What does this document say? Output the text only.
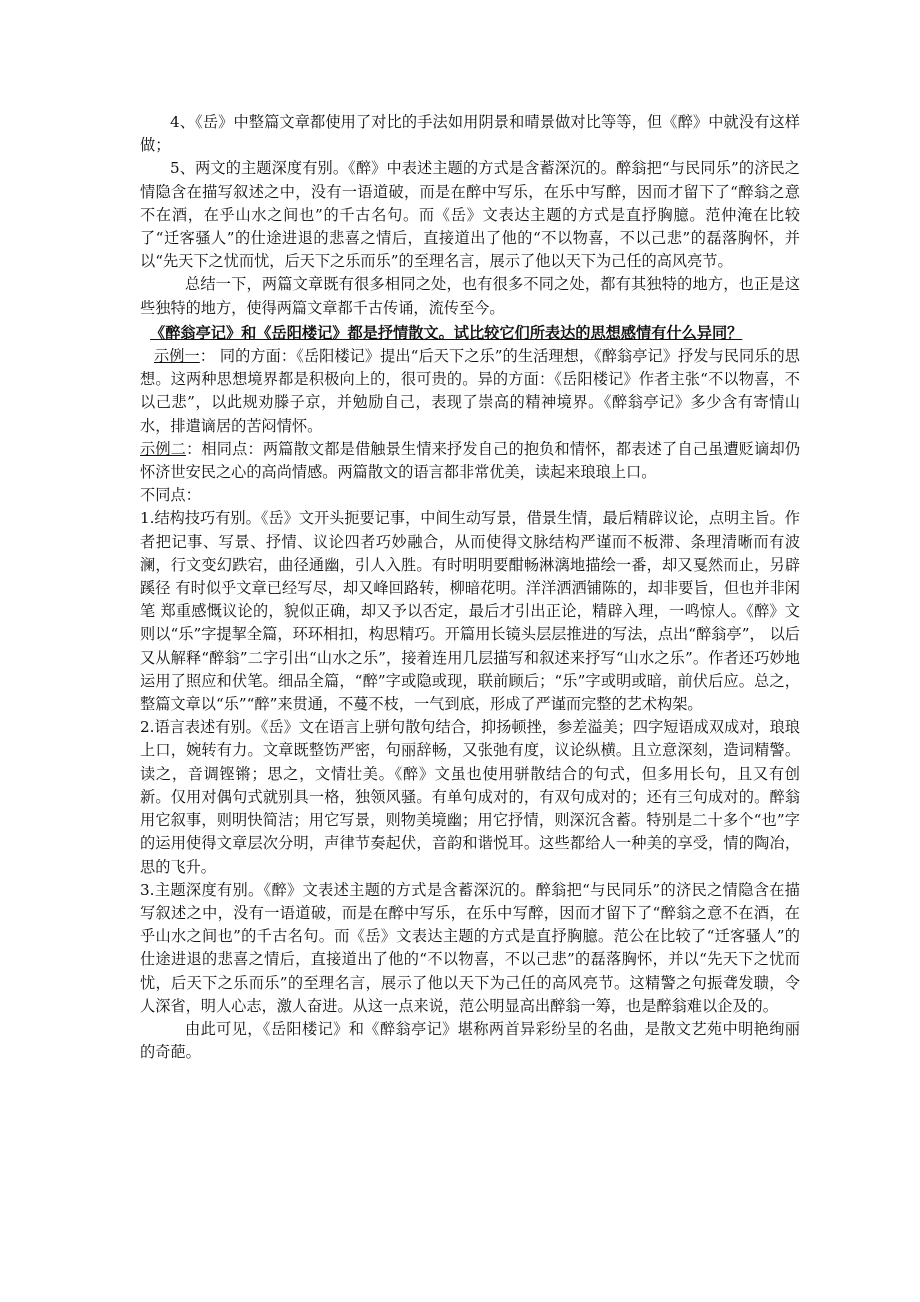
4、《岳》中整篇文章都使用了对比的手法如用阴景和晴景做对比等等，但《醉》中就没有这样做；

5、两文的主题深度有别。《醉》中表述主题的方式是含蓄深沉的。醉翁把“与民同乐”的济民之情隐含在描写叙述之中，没有一语道破，而是在醉中写乐，在乐中写醉，因而才留下了“醉翁之意不在酒，在乎山水之间也”的千古名句。而《岳》文表达主题的方式是直抒胸臆。范仲淹在比较了“迁客骚人”的仕途进退的悲喜之情后，直接道出了他的“不以物喜，不以己悲”的磊落胸怀，并以“先天下之忧而忧，后天下之乐而乐”的至理名言，展示了他以天下为己任的高风亮节。

总结一下，两篇文章既有很多相同之处，也有很多不同之处，都有其独特的地方，也正是这些独特的地方，使得两篇文章都千古传诵，流传至今。

《醉翁亭记》和《岳阳楼记》都是抒情散文。试比较它们所表达的思想感情有什么异同？

示例一： 同的方面：《岳阳楼记》提出“后天下之乐”的生活理想，《醉翁亭记》抒发与民同乐的思想。这两种思想境界都是积极向上的，很可贵的。异的方面：《岳阳楼记》作者主张“不以物喜，不以己悲”，以此规劝滕子京，并勉励自己，表现了崇高的精神境界。《醉翁亭记》多少含有寄情山水，排遣谪居的苦闷情怀。

示例二：相同点：两篇散文都是借触景生情来抒发自己的抱负和情怀，都表述了自己虽遭贬谪却仍怀济世安民之心的高尚情感。两篇散文的语言都非常优美，读起来琅琅上口。

不同点：

1.结构技巧有别。《岳》文开头扼要记事，中间生动写景，借景生情，最后精辟议论，点明主旨。作者把记事、写景、抒情、议论四者巧妙融合，从而使得文脉结构严谨而不板滞、条理清晰而有波澜，行文变幻跌宕，曲径通幽，引人入胜。有时明明要酣畅淋漓地描绘一番，却又戛然而止，另辟蹊径 有时似乎文章已经写尽，却又峰回路转，柳暗花明。洋洋洒洒铺陈的，却非要旨，但也并非闲笔 郑重感慨议论的，貌似正确，却又予以否定，最后才引出正论，精辟入理，一鸣惊人。《醉》文则以“乐”字提挈全篇，环环相扣，构思精巧。开篇用长镜头层层推进的写法，点出“醉翁亭”， 以后又从解释“醉翁”二字引出“山水之乐”，接着连用几层描写和叙述来抒写“山水之乐”。作者还巧妙地运用了照应和伏笔。细品全篇，“醉”字或隐或现，联前顾后；“乐”字或明或暗，前伏后应。总之，整篇文章以“乐”“醉”来贯通，不蔓不枝，一气到底，形成了严谨而完整的艺术构架。

2.语言表述有别。《岳》文在语言上骈句散句结合，抑扬顿挫，参差溢美；四字短语成双成对，琅琅上口，婉转有力。文章既整饬严密，句丽辞畅，又张弛有度，议论纵横。且立意深刻，造词精警。读之，音调铿锵；思之，文情壮美。《醉》文虽也使用骈散结合的句式，但多用长句，且又有创新。仅用对偶句式就别具一格，独领风骚。有单句成对的，有双句成对的；还有三句成对的。醉翁用它叙事，则明快简洁；用它写景，则物美境幽；用它抒情，则深沉含蓄。特别是二十多个“也”字的运用使得文章层次分明，声律节奏起伏，音韵和谐悦耳。这些都给人一种美的享受，情的陶冶，思的飞升。

3.主题深度有别。《醉》文表述主题的方式是含蓄深沉的。醉翁把“与民同乐”的济民之情隐含在描写叙述之中，没有一语道破，而是在醉中写乐，在乐中写醉，因而才留下了“醉翁之意不在酒，在乎山水之间也”的千古名句。而《岳》文表达主题的方式是直抒胸臆。范公在比较了“迁客骚人”的仕途进退的悲喜之情后，直接道出了他的“不以物喜，不以己悲”的磊落胸怀，并以“先天下之忧而忧，后天下之乐而乐”的至理名言，展示了他以天下为己任的高风亮节。这精警之句振聋发聩，令人深省，明人心志，激人奋进。从这一点来说，范公明显高出醉翁一筹，也是醉翁难以企及的。

由此可见，《岳阳楼记》和《醉翁亭记》堪称两首异彩纷呈的名曲，是散文艺苑中明艳绚丽的奇葩。
